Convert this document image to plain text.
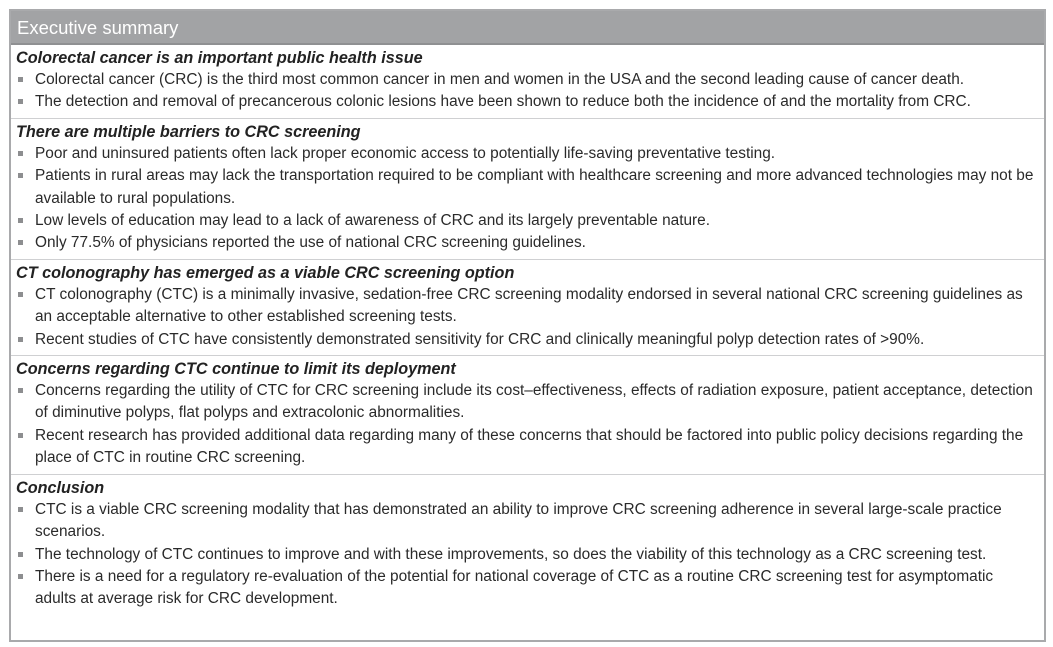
Executive summary
Colorectal cancer is an important public health issue
Colorectal cancer (CRC) is the third most common cancer in men and women in the USA and the second leading cause of cancer death.
The detection and removal of precancerous colonic lesions have been shown to reduce both the incidence of and the mortality from CRC.
There are multiple barriers to CRC screening
Poor and uninsured patients often lack proper economic access to potentially life-saving preventative testing.
Patients in rural areas may lack the transportation required to be compliant with healthcare screening and more advanced technologies may not be available to rural populations.
Low levels of education may lead to a lack of awareness of CRC and its largely preventable nature.
Only 77.5% of physicians reported the use of national CRC screening guidelines.
CT colonography has emerged as a viable CRC screening option
CT colonography (CTC) is a minimally invasive, sedation-free CRC screening modality endorsed in several national CRC screening guidelines as an acceptable alternative to other established screening tests.
Recent studies of CTC have consistently demonstrated sensitivity for CRC and clinically meaningful polyp detection rates of >90%.
Concerns regarding CTC continue to limit its deployment
Concerns regarding the utility of CTC for CRC screening include its cost–effectiveness, effects of radiation exposure, patient acceptance, detection of diminutive polyps, flat polyps and extracolonic abnormalities.
Recent research has provided additional data regarding many of these concerns that should be factored into public policy decisions regarding the place of CTC in routine CRC screening.
Conclusion
CTC is a viable CRC screening modality that has demonstrated an ability to improve CRC screening adherence in several large-scale practice scenarios.
The technology of CTC continues to improve and with these improvements, so does the viability of this technology as a CRC screening test.
There is a need for a regulatory re-evaluation of the potential for national coverage of CTC as a routine CRC screening test for asymptomatic adults at average risk for CRC development.
